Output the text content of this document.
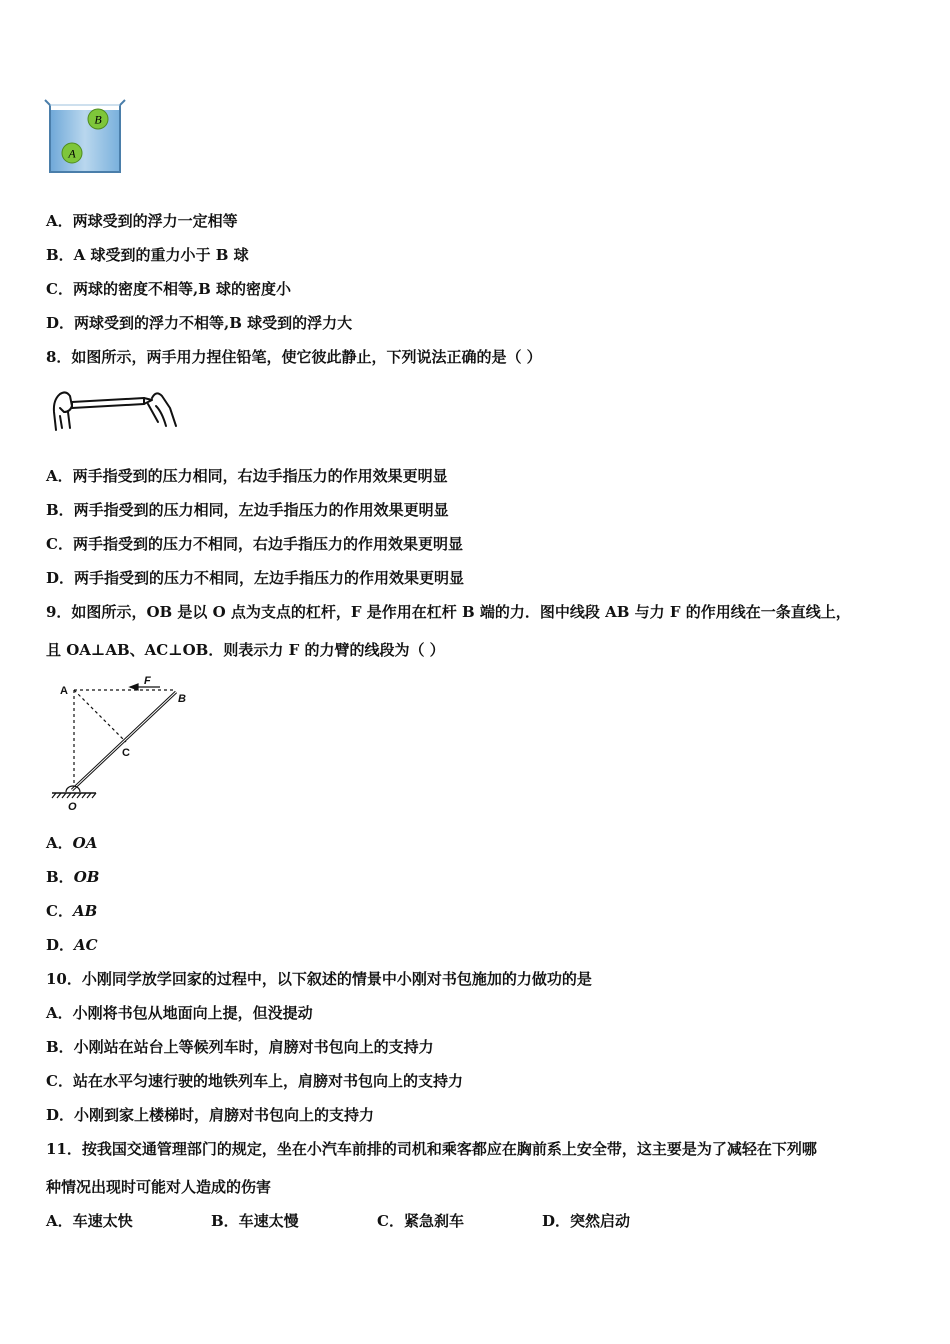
B
A
A．两球受到的浮力一定相等
B．A 球受到的重力小于 B 球
C．两球的密度不相等,B 球的密度小
D．两球受到的浮力不相等,B 球受到的浮力大
8．如图所示，两手用力捏住铅笔，使它彼此静止，下列说法正确的是（ ）
A．两手指受到的压力相同，右边手指压力的作用效果更明显
B．两手指受到的压力相同，左边手指压力的作用效果更明显
C．两手指受到的压力不相同，右边手指压力的作用效果更明显
D．两手指受到的压力不相同，左边手指压力的作用效果更明显
9．如图所示，OB 是以 O 点为支点的杠杆，F 是作用在杠杆 B 端的力．图中线段 AB 与力 F 的作用线在一条直线上，
且 OA⊥AB、AC⊥OB．则表示力 F 的力臂的线段为（ ）
A
B
C
F
O
A．OA
B．OB
C．AB
D．AC
10．小刚同学放学回家的过程中，以下叙述的情景中小刚对书包施加的力做功的是
A．小刚将书包从地面向上提，但没提动
B．小刚站在站台上等候列车时，肩膀对书包向上的支持力
C．站在水平匀速行驶的地铁列车上，肩膀对书包向上的支持力
D．小刚到家上楼梯时，肩膀对书包向上的支持力
11．按我国交通管理部门的规定，坐在小汽车前排的司机和乘客都应在胸前系上安全带，这主要是为了减轻在下列哪
种情况出现时可能对人造成的伤害
A．车速太快	B．车速太慢	C．紧急刹车	D．突然启动
